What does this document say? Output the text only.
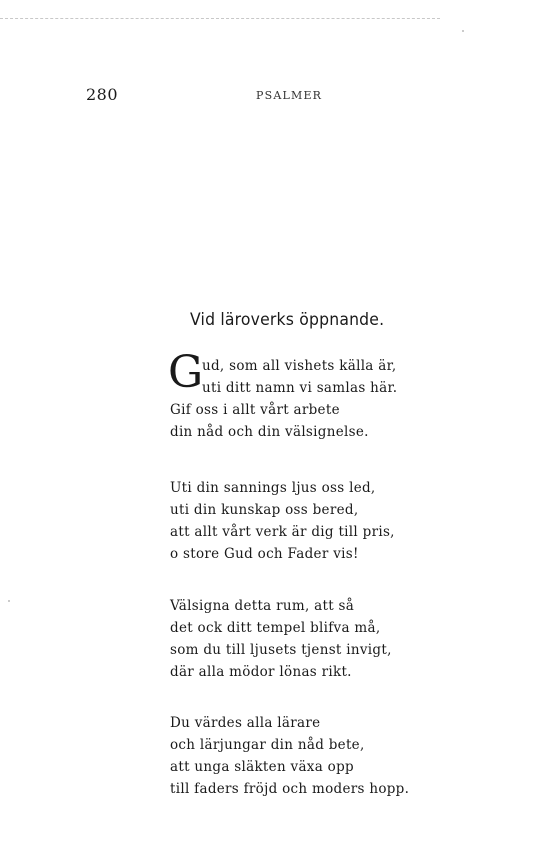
280	PSALMER
Vid läroverks öppnande.
G
ud, som all vishets källa är,
uti ditt namn vi samlas här.
Gif oss i allt vårt arbete
din nåd och din välsignelse.
Uti din sannings ljus oss led,
uti din kunskap oss bered,
att allt vårt verk är dig till pris,
o store Gud och Fader vis!
Välsigna detta rum, att så
det ock ditt tempel blifva må,
som du till ljusets tjenst invigt,
där alla mödor lönas rikt.
Du värdes alla lärare
och lärjungar din nåd bete,
att unga släkten växa opp
till faders fröjd och moders hopp.
